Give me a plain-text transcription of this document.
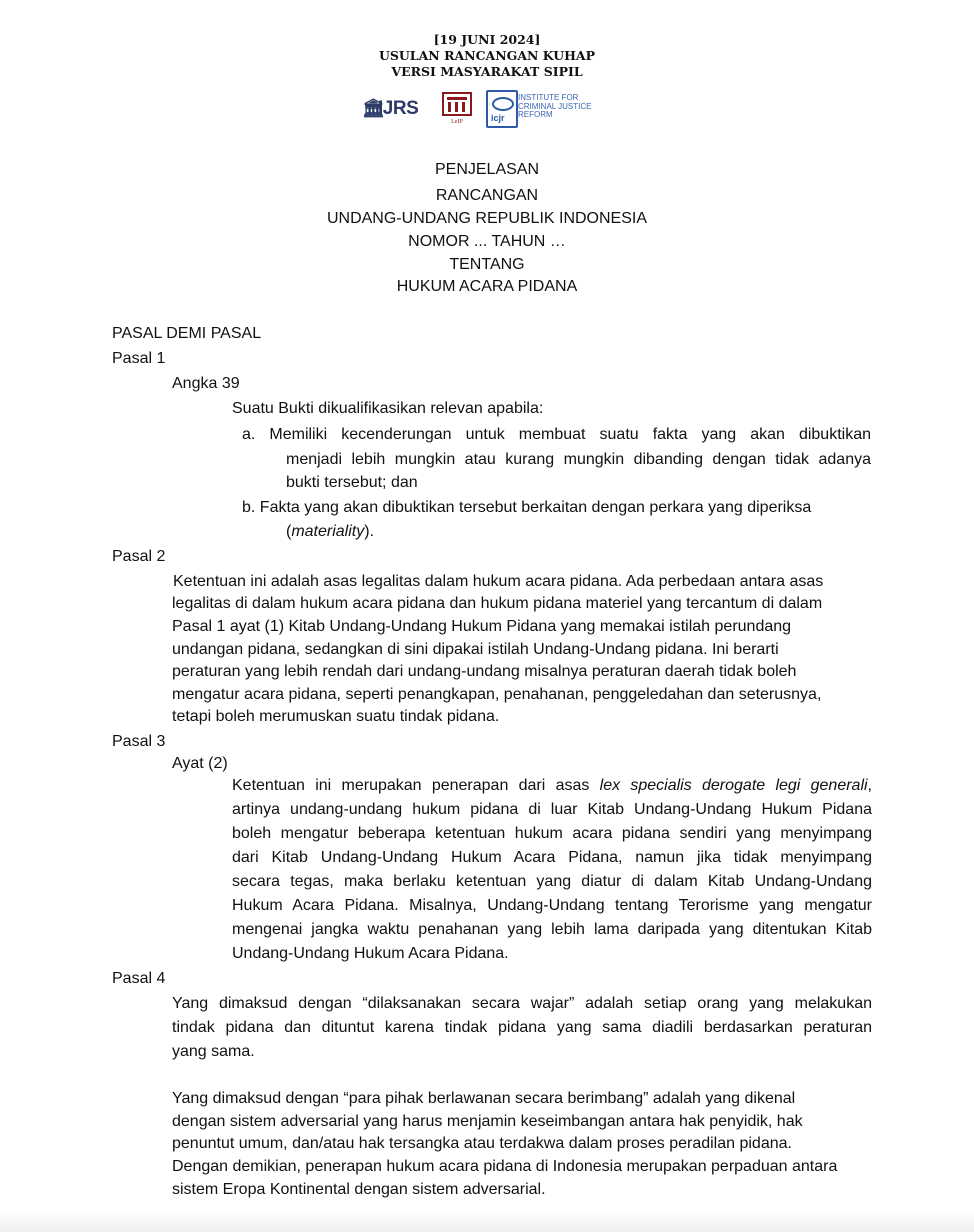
[19 JUNI 2024]
USULAN RANCANGAN KUHAP
VERSI MASYARAKAT SIPIL
🏛︎IJRS
LeIP	icjr
INSTITUTE FOR
CRIMINAL JUSTICE
REFORM
PENJELASAN
RANCANGAN
UNDANG-UNDANG REPUBLIK INDONESIA
NOMOR ... TAHUN …
TENTANG
HUKUM ACARA PIDANA
PASAL DEMI PASAL
Pasal 1
Angka 39
Suatu Bukti dikualifikasikan relevan apabila:
a. Memiliki kecenderungan untuk membuat suatu fakta yang akan dibuktikan
menjadi lebih mungkin atau kurang mungkin dibanding dengan tidak adanya
bukti tersebut; dan
b. Fakta yang akan dibuktikan tersebut berkaitan dengan perkara yang diperiksa
(materiality).
Pasal 2
Ketentuan ini adalah asas legalitas dalam hukum acara pidana. Ada perbedaan antara asas
legalitas di dalam hukum acara pidana dan hukum pidana materiel yang tercantum di dalam
Pasal 1 ayat (1) Kitab Undang-Undang Hukum Pidana yang memakai istilah perundang
undangan pidana, sedangkan di sini dipakai istilah Undang-Undang pidana. Ini berarti
peraturan yang lebih rendah dari undang-undang misalnya peraturan daerah tidak boleh
mengatur acara pidana, seperti penangkapan, penahanan, penggeledahan dan seterusnya,
tetapi boleh merumuskan suatu tindak pidana.
Pasal 3
Ayat (2)
Ketentuan ini merupakan penerapan dari asas lex specialis derogate legi generali,
artinya undang-undang hukum pidana di luar Kitab Undang-Undang Hukum Pidana
boleh mengatur beberapa ketentuan hukum acara pidana sendiri yang menyimpang
dari Kitab Undang-Undang Hukum Acara Pidana, namun jika tidak menyimpang
secara tegas, maka berlaku ketentuan yang diatur di dalam Kitab Undang-Undang
Hukum Acara Pidana. Misalnya, Undang-Undang tentang Terorisme yang mengatur
mengenai jangka waktu penahanan yang lebih lama daripada yang ditentukan Kitab
Undang-Undang Hukum Acara Pidana.
Pasal 4
Yang dimaksud dengan “dilaksanakan secara wajar” adalah setiap orang yang melakukan
tindak pidana dan dituntut karena tindak pidana yang sama diadili berdasarkan peraturan
yang sama.
Yang dimaksud dengan “para pihak berlawanan secara berimbang” adalah yang dikenal
dengan sistem adversarial yang harus menjamin keseimbangan antara hak penyidik, hak
penuntut umum, dan/atau hak tersangka atau terdakwa dalam proses peradilan pidana.
Dengan demikian, penerapan hukum acara pidana di Indonesia merupakan perpaduan antara
sistem Eropa Kontinental dengan sistem adversarial.
